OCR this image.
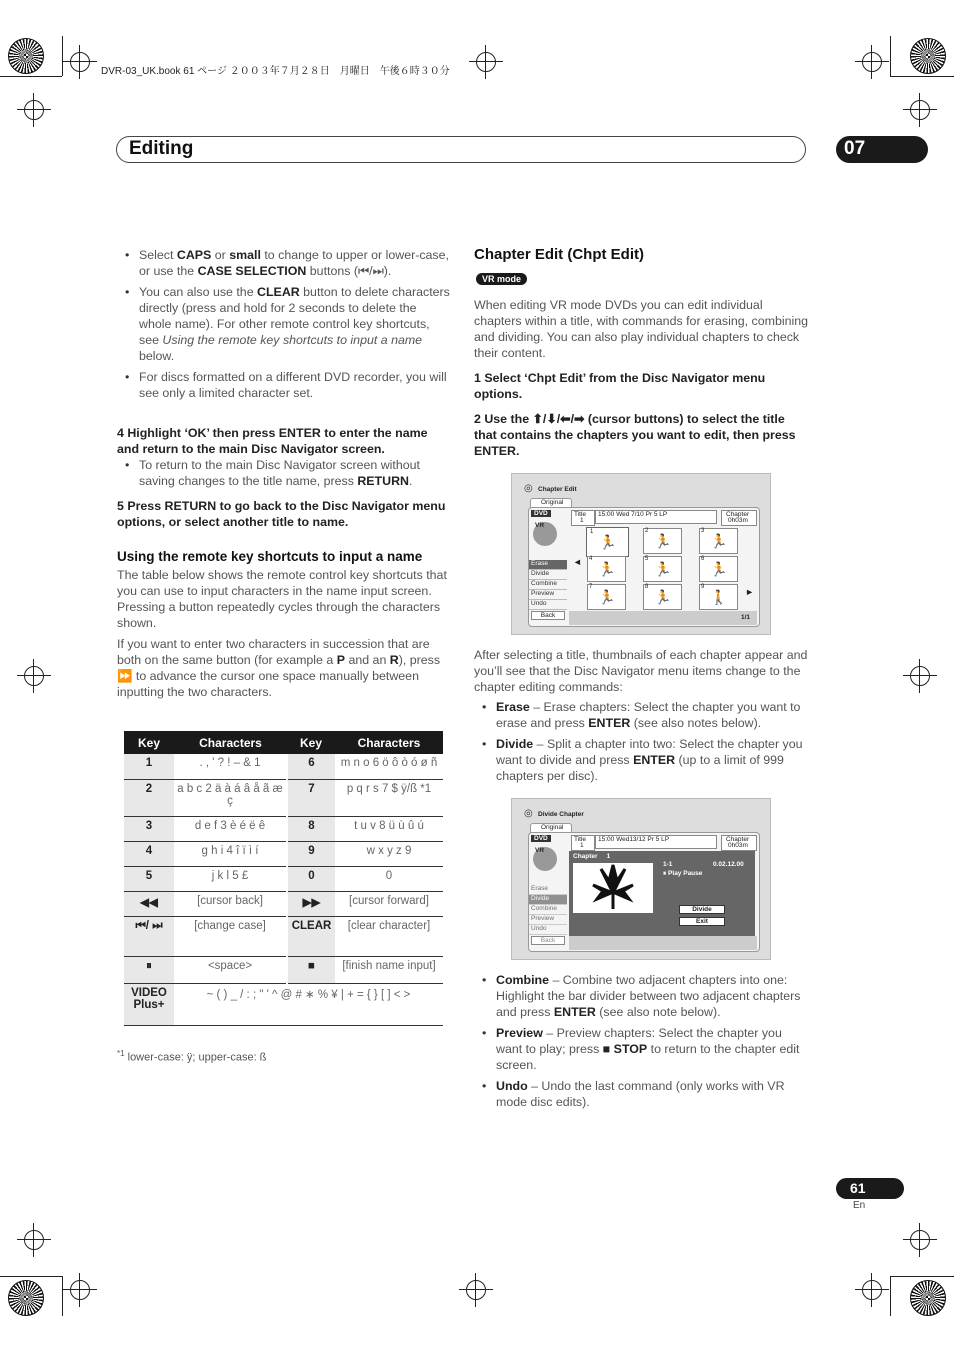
DVR-03_UK.book 61 ページ ２００３年７月２８日　月曜日　午後６時３０分
Editing	07
• Select CAPS or small to change to upper or lower-case, or use the CASE SELECTION buttons (⏮/⏭).
• You can also use the CLEAR button to delete characters directly (press and hold for 2 seconds to delete the whole name). For other remote control key shortcuts, see Using the remote key shortcuts to input a name below.
• For discs formatted on a different DVD recorder, you will see only a limited character set.
4 Highlight ‘OK’ then press ENTER to enter the name and return to the main Disc Navigator screen.
• To return to the main Disc Navigator screen without saving changes to the title name, press RETURN.
5 Press RETURN to go back to the Disc Navigator menu options, or select another title to name.
Using the remote key shortcuts to input a name
The table below shows the remote control key shortcuts that you can use to input characters in the name input screen. Pressing a button repeatedly cycles through the characters shown.
If you want to enter two characters in succession that are both on the same button (for example a P and an R), press ⏩ to advance the cursor one space manually between inputting the two characters.
Key	Characters	Key	Characters
1	. , ' ? ! – & 1	6	m n o 6 ö ô ò ó ø ñ
2	a b c 2 ä à á â å ã æ ç	7	p q r s 7 $ ÿ/ß *1
3	d e f 3 è é ë ê	8	t u v 8 ü ù û ú
4	g h i 4 î ï ì í	9	w x y z 9
5	j k l 5 £	0	0
◀◀	[cursor back]	▶▶	[cursor forward]
⏮/ ⏭	[change case]	CLEAR	[clear character]
⏸	<space>	■	[finish name input]
VIDEO Plus+	~ ( ) _ / : ; " ' ^ @ # ∗ % ¥ | + = { } [ ] < >		
$^{*1}$ lower-case: ÿ; upper-case: ß
Chapter Edit (Chpt Edit)
VR mode
When editing VR mode DVDs you can edit individual chapters within a title, with commands for erasing, combining and dividing. You can also play individual chapters to check their content.
1 Select ‘Chpt Edit’ from the Disc Navigator menu options.
2 Use the ⬆/⬇/⬅/➡ (cursor buttons) to select the title that contains the chapters you want to edit, then press ENTER.
Chapter Edit
◎
Original
DVD
VR
Erase
Divide
Combine
Preview
Undo
Back
Title
1
15:00 Wed 7/10 Pr 5 LP	Chapter
0h03m
◀
▶
1
🏃
2
🏃
3
🏃
4
🏃
5
🏃
6
🏃
7
🏃
8
🏃
9
🚶
1/1
After selecting a title, thumbnails of each chapter appear and you’ll see that the Disc Navigator menu items change to the chapter editing commands:
• Erase – Erase chapters: Select the chapter you want to erase and press ENTER (see also notes below).
• Divide – Split a chapter into two: Select the chapter you want to divide and press ENTER (up to a limit of 999 chapters per disc).
Divide Chapter
◎
Original
DVD
VR
Erase
Divide
Combine
Preview
Undo
Back
Title
1
15:00 Wed13/12 Pr 5 LP	Chapter
0h03m
Chapter     1
1-1	0.02.12.00
⏸ Play Pause
Divide
Exit
• Combine – Combine two adjacent chapters into one: Highlight the bar divider between two adjacent chapters and press ENTER (see also note below).
• Preview – Preview chapters: Select the chapter you want to play; press ■ STOP to return to the chapter edit screen.
• Undo – Undo the last command (only works with VR mode disc edits).
61
En
